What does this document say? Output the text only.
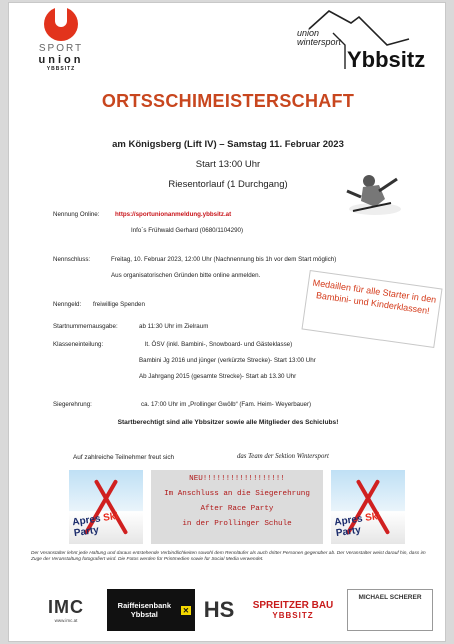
SPORT
union
YBBSITZ
union
wintersport
Ybbsitz
ORTSSCHIMEISTERSCHAFT
am Königsberg (Lift IV) – Samstag 11. Februar 2023
Start 13:00 Uhr
Riesentorlauf (1 Durchgang)
Nennung Online:	https://sportunionanmeldung.ybbsitz.at
Info´s Frühwald Gerhard (0680/1104290)
Nennschluss:	Freitag, 10. Februar 2023, 12:00 Uhr (Nachnennung bis 1h vor dem Start möglich)
Aus organisatorischen Gründen bitte online anmelden.
Nenngeld: freiwillige Spenden
Startnummernausgabe:	ab 11:30 Uhr im Zielraum
Klasseneinteilung:	lt. ÖSV (inkl. Bambini-, Snowboard- und Gästeklasse)
Bambini Jg 2016 und jünger (verkürzte Strecke)- Start 13:00 Uhr
Ab Jahrgang 2015 (gesamte Strecke)- Start ab 13.30 Uhr
Medaillen für alle Starter in den Bambini- und Kinderklassen!
Siegerehrung:	ca. 17:00 Uhr im „Prollinger Gwölb“ (Fam. Heim- Weyerbauer)
Startberechtigt sind alle Ybbsitzer sowie alle Mitglieder des Schiclubs!
Auf zahlreiche Teilnehmer freut sich	das Team der Sektion Wintersport
Apres Ski
Party
NEU!!!!!!!!!!!!!!!!!!
Im Anschluss an die Siegerehrung
After Race Party
in der Prollinger Schule	Apres Ski
Party
Der Veranstalter lehnt jede Haftung und daraus entstehende Verbindlichkeiten sowohl dem Rennläufer als auch dritter Personen gegenüber ab. Der Veranstalter weist darauf hin, dass im Zuge der Veranstaltung fotografiert wird. Die Fotos werden für Printmedien sowie für Social Media verwendet.
IMC
www.imc.at
Raiffeisenbank Ybbstal	✕ HS	SPREITZER BAU
YBBSITZ
MICHAEL SCHERER
